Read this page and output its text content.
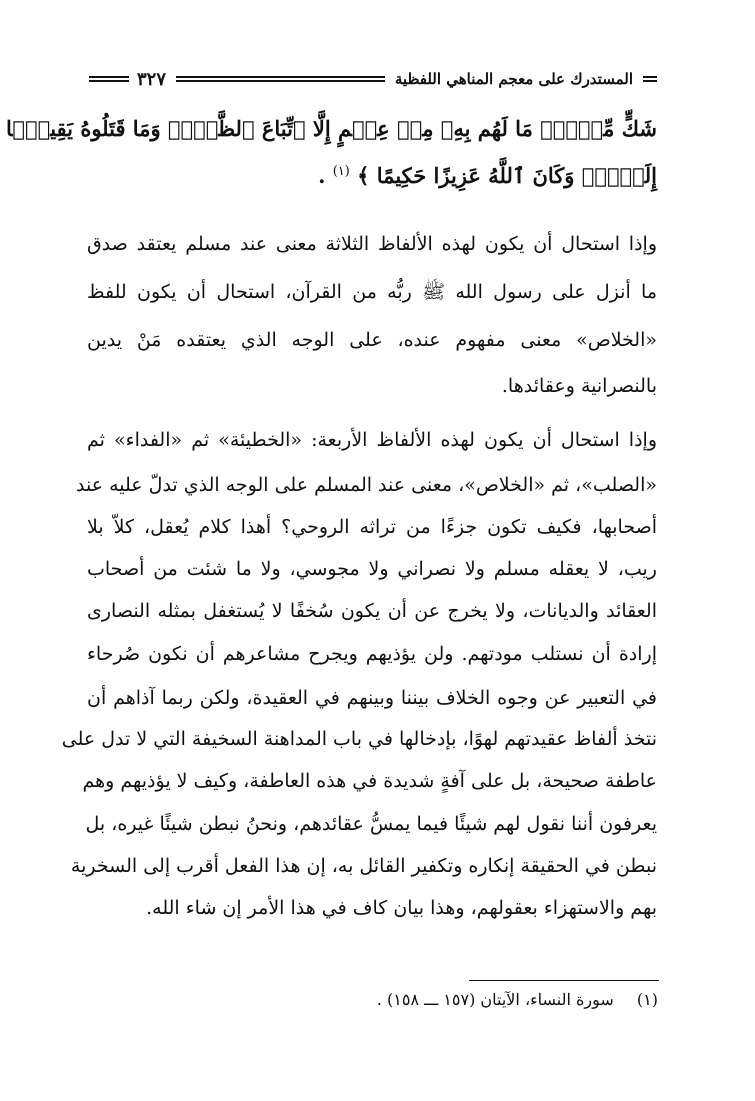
المستدرك على معجم المناهي اللفظية
٣٢٧
شَكٍّ مِّنۡهُۚ مَا لَهُم بِهِۦ مِنۡ عِلۡمٍ إِلَّا ٱتِّبَاعَ ٱلظَّنِّۚ وَمَا قَتَلُوهُ يَقِينَۢا
إِلَيۡهِۚ وَكَانَ ٱللَّهُ عَزِيزًا حَكِيمًا ﴾ $^{(١)}$ .
وإذا استحال أن يكون لهذه الألفاظ الثلاثة معنى عند مسلم يعتقد صدق
ما أنزل على رسول الله ﷺ ربُّه من القرآن، استحال أن يكون للفظ
«الخلاص» معنى مفهوم عنده، على الوجه الذي يعتقده مَنْ يدين
بالنصرانية وعقائدها.
وإذا استحال أن يكون لهذه الألفاظ الأربعة: «الخطيئة» ثم «الفداء» ثم
«الصلب»، ثم «الخلاص»، معنى عند المسلم على الوجه الذي تدلّ عليه عند
أصحابها، فكيف تكون جزءًا من تراثه الروحي؟ أهذا كلام يُعقل، كلاّ بلا
ريب، لا يعقله مسلم ولا نصراني ولا مجوسي، ولا ما شئت من أصحاب
العقائد والديانات، ولا يخرج عن أن يكون سُخفًا لا يُستغفل بمثله النصارى
إرادة أن نستلب مودتهم. ولن يؤذيهم ويجرح مشاعرهم أن نكون صُرحاء
في التعبير عن وجوه الخلاف بيننا وبينهم في العقيدة، ولكن ربما آذاهم أن
نتخذ ألفاظ عقيدتهم لهوًا، بإدخالها في باب المداهنة السخيفة التي لا تدل على
عاطفة صحيحة، بل على آفةٍ شديدة في هذه العاطفة، وكيف لا يؤذيهم وهم
يعرفون أننا نقول لهم شيئًا فيما يمسُّ عقائدهم، ونحنُ نبطن شيئًا غيره، بل
نبطن في الحقيقة إنكاره وتكفير القائل به، إن هذا الفعل أقرب إلى السخرية
بهم والاستهزاء بعقولهم، وهذا بيان كاف في هذا الأمر إن شاء الله.
(١) سورة النساء، الآيتان (١٥٧ ـــ ١٥٨) .
